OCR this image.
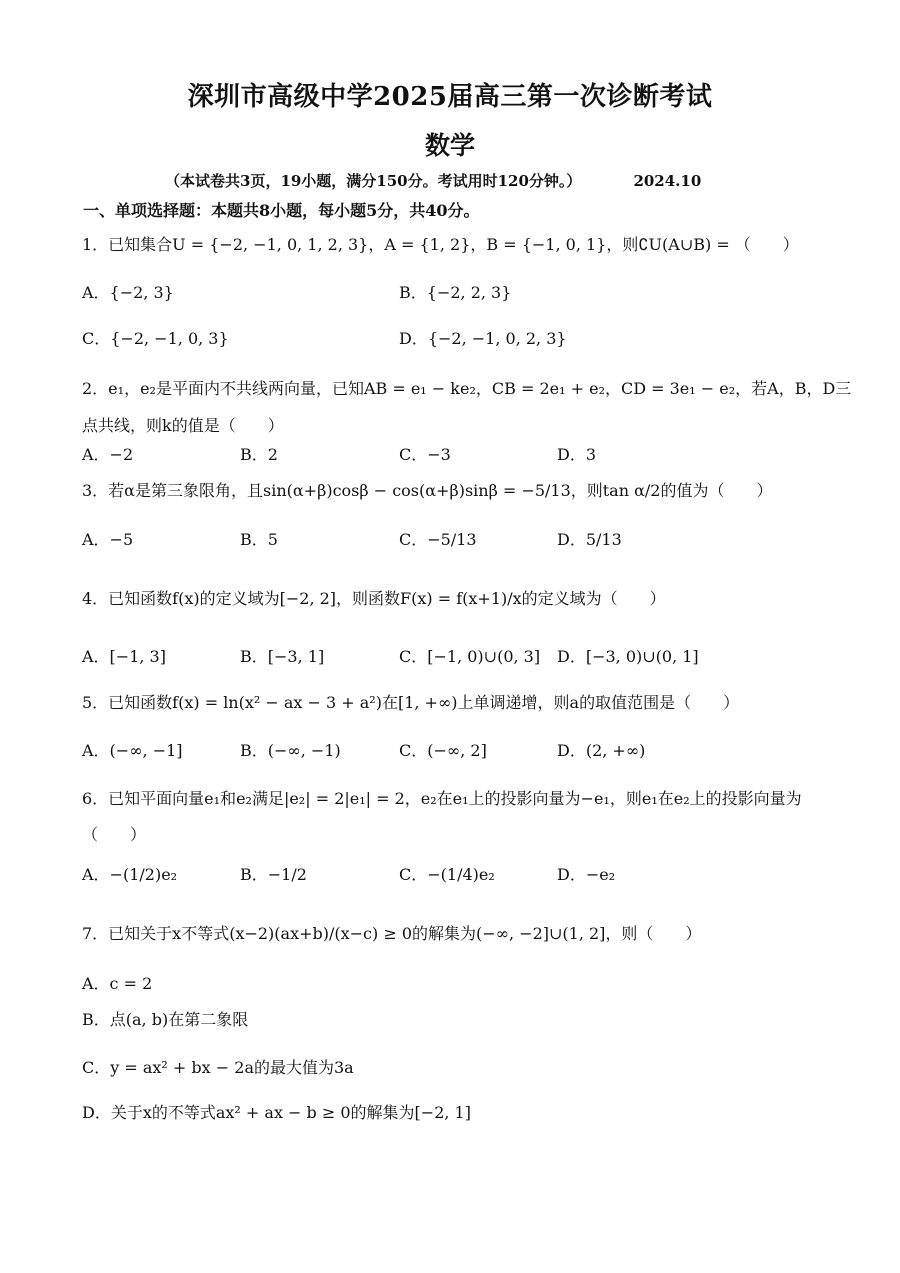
深圳市高级中学2025届高三第一次诊断考试
数学
（本试卷共3页，19小题，满分150分。考试用时120分钟。）	2024.10
一、单项选择题：本题共8小题，每小题5分，共40分。
1．已知集合U = {−2, −1, 0, 1, 2, 3}，A = {1, 2}，B = {−1, 0, 1}，则∁U(A∪B) = （　　）
A．{−2, 3}	B．{−2, 2, 3}
C．{−2, −1, 0, 3}	D．{−2, −1, 0, 2, 3}
2．e₁，e₂是平面内不共线两向量，已知AB = e₁ − ke₂，CB = 2e₁ + e₂，CD = 3e₁ − e₂，若A，B，D三
点共线，则k的值是（　　）
A．−2	B．2	C．−3	D．3
3．若α是第三象限角，且sin(α+β)cosβ − cos(α+β)sinβ = −5/13，则tan α/2的值为（　　）
A．−5	B．5	C．−5/13	D．5/13
4．已知函数f(x)的定义域为[−2, 2]，则函数F(x) = f(x+1)/x的定义域为（　　）
A．[−1, 3]	B．[−3, 1]	C．[−1, 0)∪(0, 3] D．[−3, 0)∪(0, 1]
5．已知函数f(x) = ln(x² − ax − 3 + a²)在[1, +∞)上单调递增，则a的取值范围是（　　）
A．(−∞, −1]	B．(−∞, −1)	C．(−∞, 2]	D．(2, +∞)
6．已知平面向量e₁和e₂满足|e₂| = 2|e₁| = 2，e₂在e₁上的投影向量为−e₁，则e₁在e₂上的投影向量为
（　　）
A．−(1/2)e₂	B．−1/2	C．−(1/4)e₂	D．−e₂
7．已知关于x不等式(x−2)(ax+b)/(x−c) ≥ 0的解集为(−∞, −2]∪(1, 2]，则（　　）
A．c = 2
B．点(a, b)在第二象限
C．y = ax² + bx − 2a的最大值为3a
D．关于x的不等式ax² + ax − b ≥ 0的解集为[−2, 1]
